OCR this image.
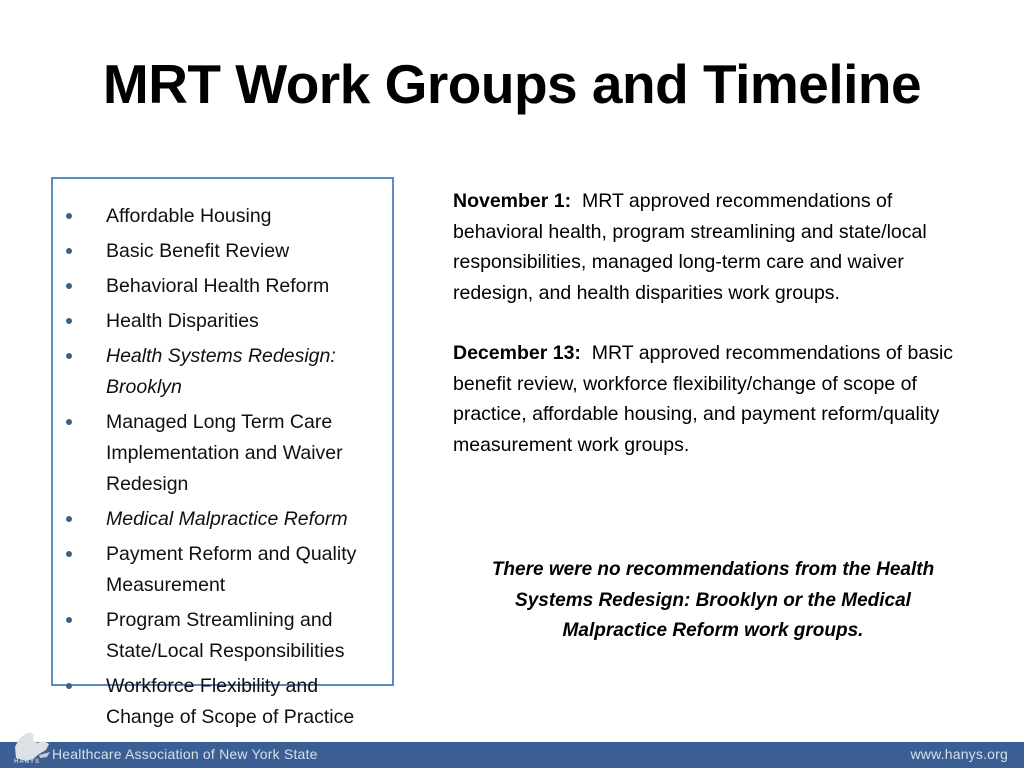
MRT Work Groups and Timeline
Affordable Housing
Basic Benefit Review
Behavioral Health Reform
Health Disparities
Health Systems Redesign: Brooklyn
Managed Long Term Care Implementation and Waiver Redesign
Medical Malpractice Reform
Payment Reform and Quality Measurement
Program Streamlining and State/Local Responsibilities
Workforce Flexibility and Change of Scope of Practice

November 1: MRT approved recommendations of behavioral health, program streamlining and state/local responsibilities, managed long-term care and waiver redesign, and health disparities work groups.

December 13: MRT approved recommendations of basic benefit review, workforce flexibility/change of scope of practice, affordable housing, and payment reform/quality measurement work groups.

There were no recommendations from the Health Systems Redesign: Brooklyn or the Medical Malpractice Reform work groups.
Healthcare Association of New York State	www.hanys.org
HANYS
